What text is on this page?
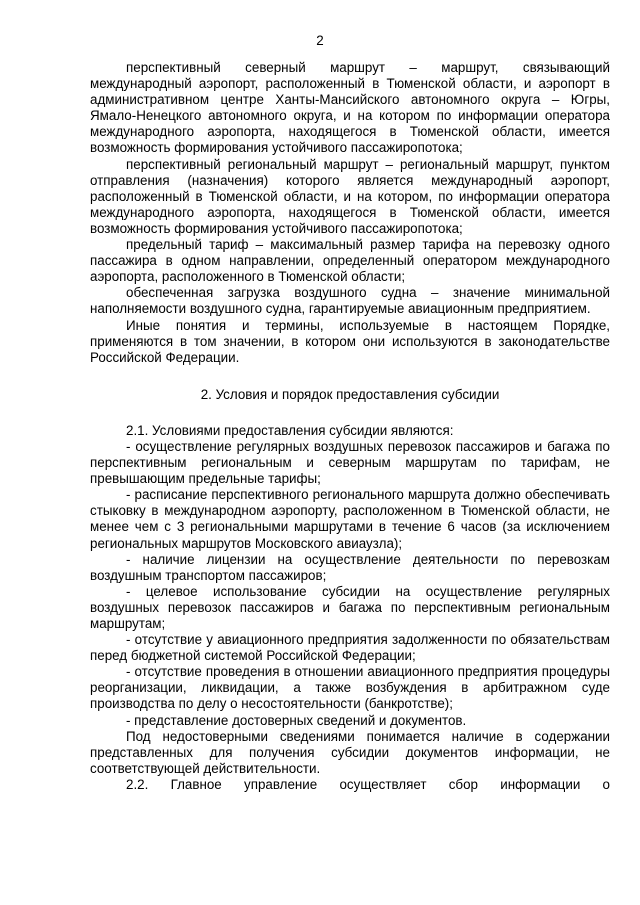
2

перспективный северный маршрут – маршрут, связывающий международный аэропорт, расположенный в Тюменской области, и аэропорт в административном центре Ханты-Мансийского автономного округа – Югры, Ямало-Ненецкого автономного округа, и на котором по информации оператора международного аэропорта, находящегося в Тюменской области, имеется возможность формирования устойчивого пассажиропотока;

перспективный региональный маршрут – региональный маршрут, пунктом отправления (назначения) которого является международный аэропорт, расположенный в Тюменской области, и на котором, по информации оператора международного аэропорта, находящегося в Тюменской области, имеется возможность формирования устойчивого пассажиропотока;

предельный тариф – максимальный размер тарифа на перевозку одного пассажира в одном направлении, определенный оператором международного аэропорта, расположенного в Тюменской области;

обеспеченная загрузка воздушного судна – значение минимальной наполняемости воздушного судна, гарантируемые авиационным предприятием.

Иные понятия и термины, используемые в настоящем Порядке, применяются в том значении, в котором они используются в законодательстве Российской Федерации.

2. Условия и порядок предоставления субсидии

2.1. Условиями предоставления субсидии являются:

- осуществление регулярных воздушных перевозок пассажиров и багажа по перспективным региональным и северным маршрутам по тарифам, не превышающим предельные тарифы;

- расписание перспективного регионального маршрута должно обеспечивать стыковку в международном аэропорту, расположенном в Тюменской области, не менее чем с 3 региональными маршрутами в течение 6 часов (за исключением региональных маршрутов Московского авиаузла);

- наличие лицензии на осуществление деятельности по перевозкам воздушным транспортом пассажиров;

- целевое использование субсидии на осуществление регулярных воздушных перевозок пассажиров и багажа по перспективным региональным маршрутам;

- отсутствие у авиационного предприятия задолженности по обязательствам перед бюджетной системой Российской Федерации;

- отсутствие проведения в отношении авиационного предприятия процедуры реорганизации, ликвидации, а также возбуждения в арбитражном суде производства по делу о несостоятельности (банкротстве);

- представление достоверных сведений и документов.

Под недостоверными сведениями понимается наличие в содержании представленных для получения субсидии документов информации, не соответствующей действительности.

2.2. Главное управление осуществляет сбор информации о
